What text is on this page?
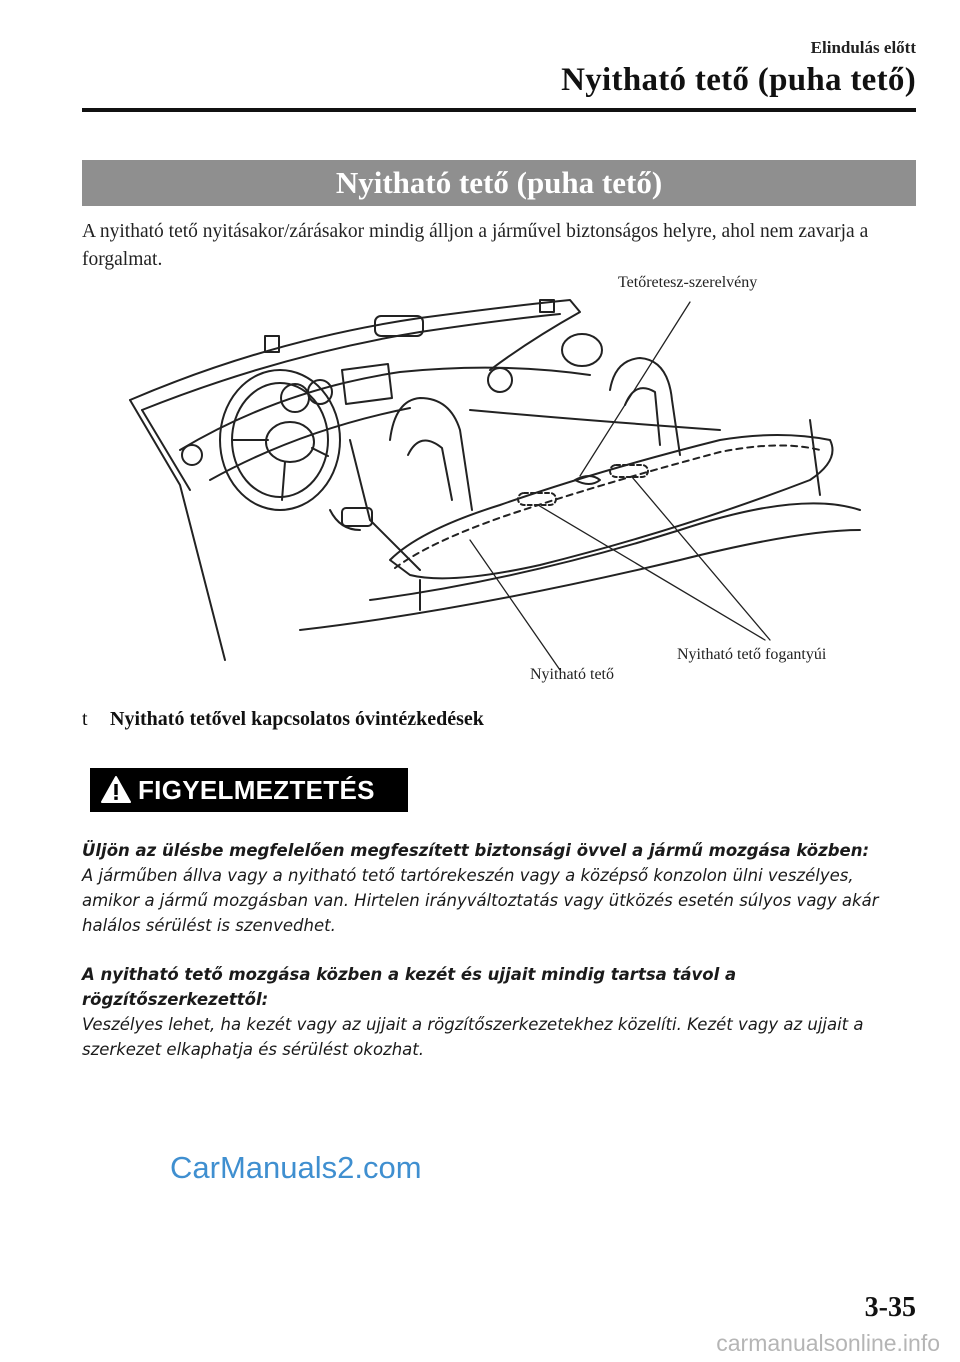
Elindulás előtt
Nyitható tető (puha tető)
Nyitható tető (puha tető)
A nyitható tető nyitásakor/zárásakor mindig álljon a járművel biztonságos helyre, ahol nem zavarja a forgalmat.
Tetőretesz-szerelvény
Nyitható tető
Nyitható tető fogantyúi
t Nyitható tetővel kapcsolatos óvintézkedések
FIGYELMEZTETÉS
Üljön az ülésbe megfelelően megfeszített biztonsági övvel a jármű mozgása közben:
A járműben állva vagy a nyitható tető tartórekeszén vagy a középső konzolon ülni veszélyes, amikor a jármű mozgásban van. Hirtelen irányváltoztatás vagy ütközés esetén súlyos vagy akár halálos sérülést is szenvedhet.
A nyitható tető mozgása közben a kezét és ujjait mindig tartsa távol a rögzítőszerkezettől:
Veszélyes lehet, ha kezét vagy az ujjait a rögzítőszerkezetekhez közelíti. Kezét vagy az ujjait a szerkezet elkaphatja és sérülést okozhat.
CarManuals2.com
3-35
carmanualsonline.info
